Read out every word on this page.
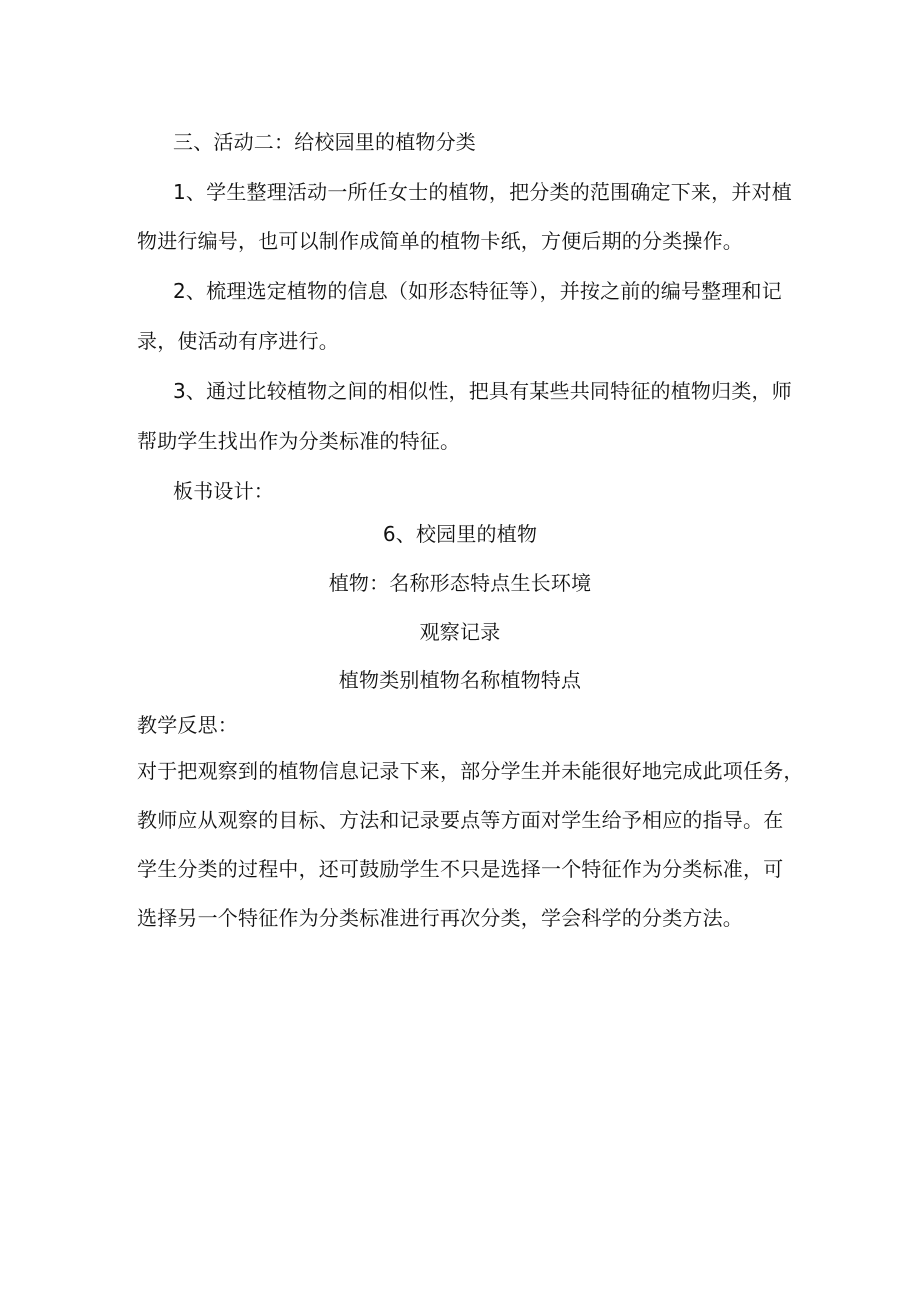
三、活动二：给校园里的植物分类
1、学生整理活动一所任女士的植物，把分类的范围确定下来，并对植
物进行编号，也可以制作成简单的植物卡纸，方便后期的分类操作。
2、梳理选定植物的信息（如形态特征等），并按之前的编号整理和记
录，使活动有序进行。
3、通过比较植物之间的相似性，把具有某些共同特征的植物归类，师
帮助学生找出作为分类标准的特征。
板书设计：
6、校园里的植物
植物：名称形态特点生长环境
观察记录
植物类别植物名称植物特点
教学反思：
对于把观察到的植物信息记录下来，部分学生并未能很好地完成此项任务，
教师应从观察的目标、方法和记录要点等方面对学生给予相应的指导。在
学生分类的过程中，还可鼓励学生不只是选择一个特征作为分类标准，可
选择另一个特征作为分类标准进行再次分类，学会科学的分类方法。
